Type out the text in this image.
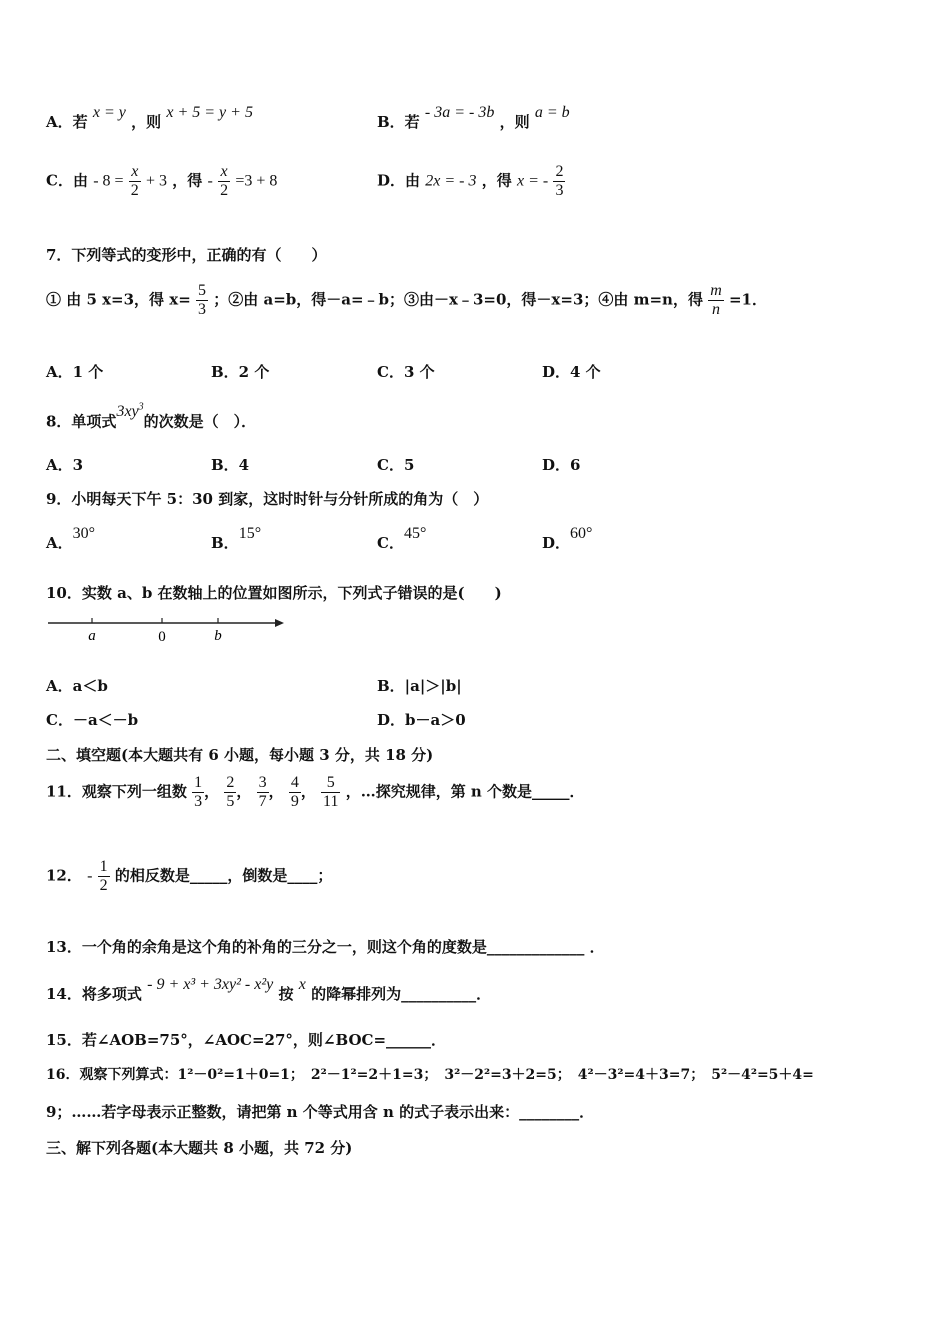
A．若 x = y ，则 x + 5 = y + 5
B．若 - 3a = - 3b ，则 a = b
C．由 - $8 = \frac{x}{2} + 3$ ，得 - $\frac{x}{2} =3 + 8$	D．由 2x = - 3 ，得 x = - $\frac{2}{3}$
7．下列等式的变形中，正确的有（　　）
① 由 5 x=3，得 $x= \frac{5}{3}$ ；②由 a=b，得－a=﹣b；③由－x﹣3=0，得－x=3；④由 m=n，得 $\frac{m}{n} =1$．
A．1 个	B．2 个	C．3 个	D．4 个
8．单项式$3xy^3$的次数是（　）．
A．3	B．4	C．5	D．6
9．小明每天下午 5：30 到家，这时时针与分针所成的角为（　）
A．30°
B．15°
C．45°
D．60°
10．实数 a、b 在数轴上的位置如图所示，下列式子错误的是(　　)
a	0	b
A．a＜b	B．|a|＞|b|
C．－a＜－b	D．b－a＞0
二、填空题(本大题共有 6 小题，每小题 3 分，共 18 分)
11．观察下列一组数 $\frac{1}{3}$ ， $\frac{2}{5}$ ， $\frac{3}{7}$ ， $\frac{4}{9}$ ， $\frac{5}{11}$ ，…探究规律，第 n 个数是_____．
12． - $\frac{1}{2}$ 的相反数是_____，倒数是____；
13．一个角的余角是这个角的补角的三分之一，则这个角的度数是_____________ ．
14．将多项式 - 9 + x³ + 3xy² - x²y 按 x 的降幂排列为__________．
15．若∠AOB=75°，∠AOC=27°，则∠BOC=______．
16．观察下列算式：1²－0²=1＋0=1；　2²－1²=2＋1=3；　3²－2²=3＋2=5；　4²－3²=4＋3=7；　5²－4²=5＋4=
9；……若字母表示正整数，请把第 n 个等式用含 n 的式子表示出来：________．
三、解下列各题(本大题共 8 小题，共 72 分)
